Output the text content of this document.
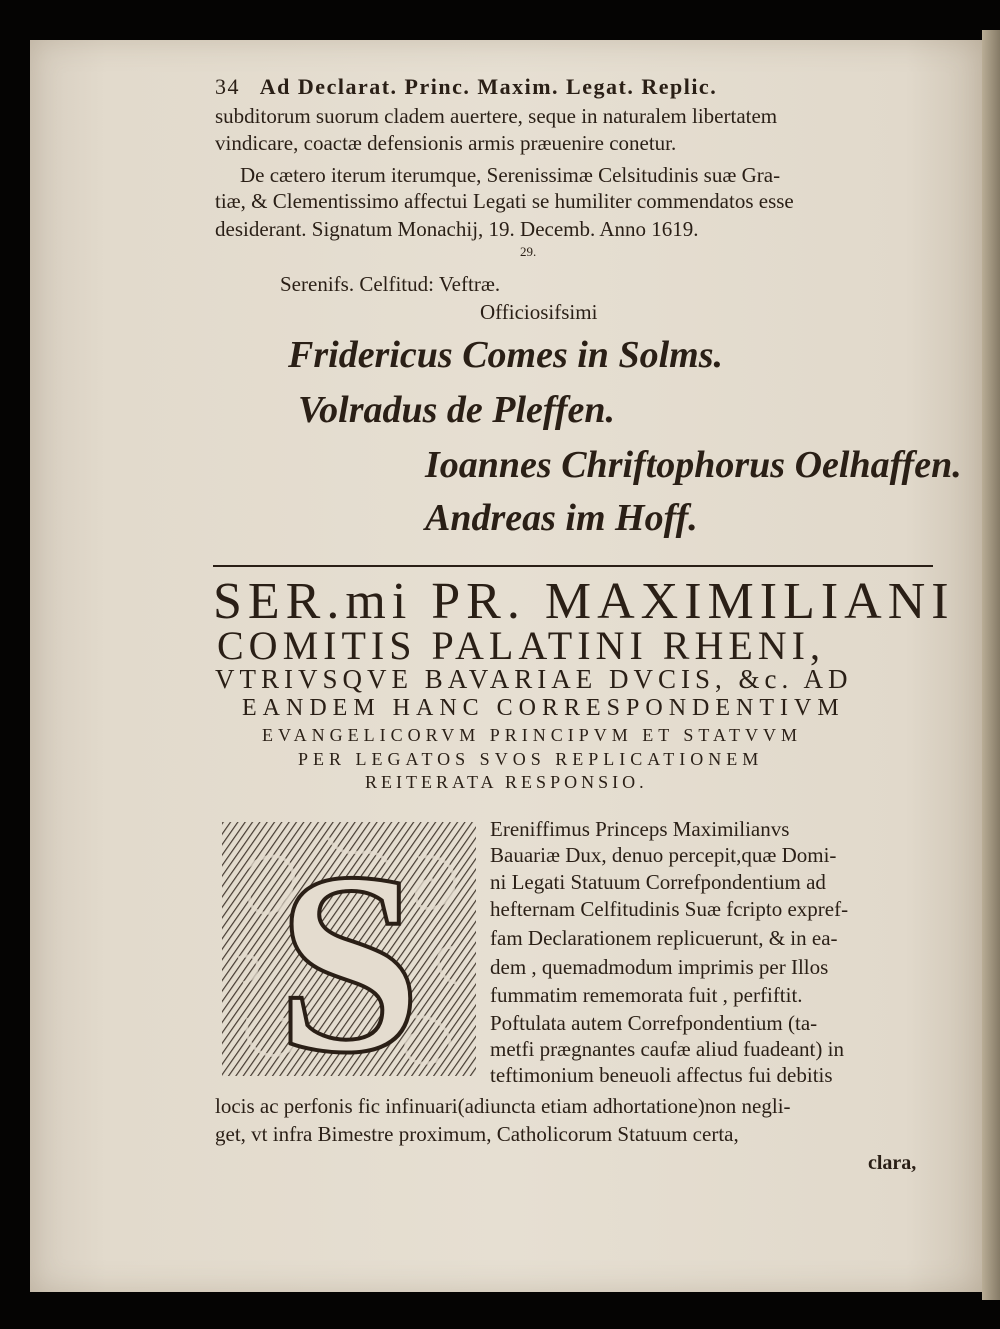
34 Ad Declarat. Princ. Maxim. Legat. Replic.
subditorum suorum cladem auertere, seque in naturalem libertatem
vindicare, coactæ defensionis armis præuenire conetur.
De cætero iterum iterumque, Serenissimæ Celsitudinis suæ Gra-
tiæ, & Clementissimo affectui Legati se humiliter commendatos esse
desiderant. Signatum Monachij, 19. Decemb. Anno 1619.
29.
Serenifs. Celfitud: Veftræ.
Officiosifsimi
Fridericus Comes in Solms.
Volradus de Pleffen.
Ioannes Chriftophorus Oelhaffen.
Andreas im Hoff.
SER.mi PR. MAXIMILIANI
COMITIS PALATINI RHENI,
VTRIVSQVE BAVARIAE DVCIS, &c. AD
EANDEM HANC CORRESPONDENTIVM
EVANGELICORVM PRINCIPVM ET STATVVM
PER LEGATOS SVOS REPLICATIONEM
REITERATA RESPONSIO.
S	Ereniffimus Princeps Maximilianvs
Bauariæ Dux, denuo percepit,quæ Domi-
ni Legati Statuum Correfpondentium ad
hefternam Celfitudinis Suæ fcripto expref-
fam Declarationem replicuerunt, & in ea-
dem , quemadmodum imprimis per Illos
fummatim rememorata fuit , perfiftit.
Poftulata autem Correfpondentium (ta-
metfi prægnantes caufæ aliud fuadeant) in
teftimonium beneuoli affectus fui debitis
locis ac perfonis fic infinuari(adiuncta etiam adhortatione)non negli-
get, vt infra Bimestre proximum, Catholicorum Statuum certa,
clara,
